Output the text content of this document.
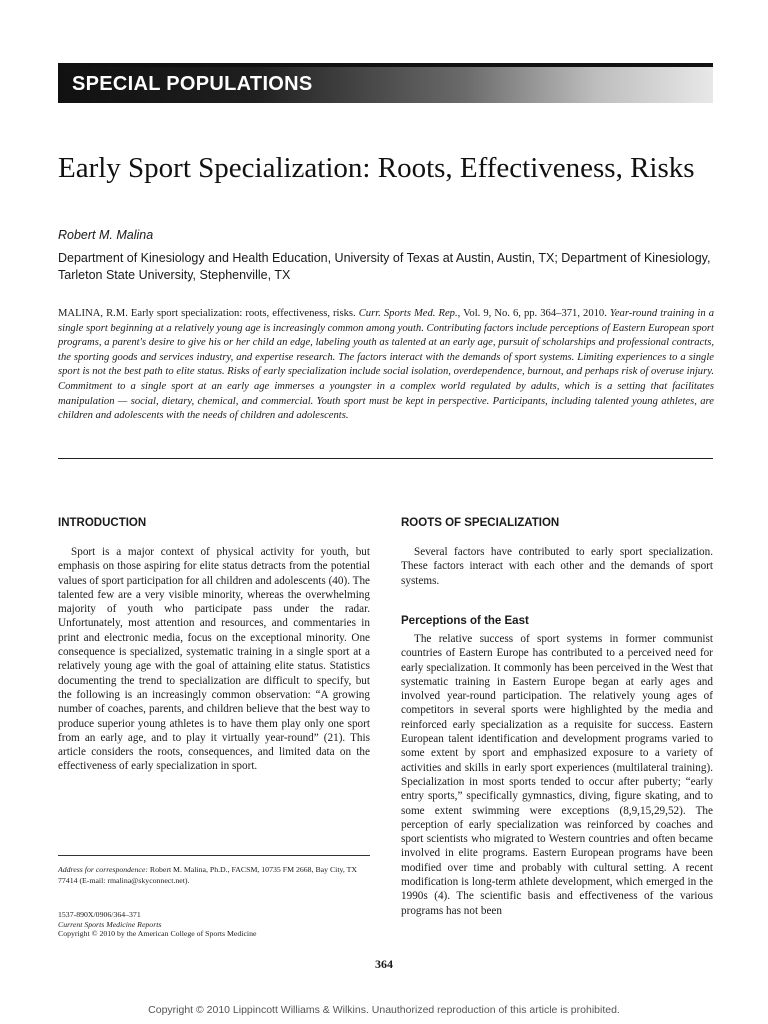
SPECIAL POPULATIONS
Early Sport Specialization: Roots, Effectiveness, Risks
Robert M. Malina
Department of Kinesiology and Health Education, University of Texas at Austin, Austin, TX; Department of Kinesiology, Tarleton State University, Stephenville, TX
MALINA, R.M. Early sport specialization: roots, effectiveness, risks. Curr. Sports Med. Rep., Vol. 9, No. 6, pp. 364–371, 2010. Year-round training in a single sport beginning at a relatively young age is increasingly common among youth. Contributing factors include perceptions of Eastern European sport programs, a parent's desire to give his or her child an edge, labeling youth as talented at an early age, pursuit of scholarships and professional contracts, the sporting goods and services industry, and expertise research. The factors interact with the demands of sport systems. Limiting experiences to a single sport is not the best path to elite status. Risks of early specialization include social isolation, overdependence, burnout, and perhaps risk of overuse injury. Commitment to a single sport at an early age immerses a youngster in a complex world regulated by adults, which is a setting that facilitates manipulation — social, dietary, chemical, and commercial. Youth sport must be kept in perspective. Participants, including talented young athletes, are children and adolescents with the needs of children and adolescents.
INTRODUCTION

Sport is a major context of physical activity for youth, but emphasis on those aspiring for elite status detracts from the potential values of sport participation for all children and adolescents (40). The talented few are a very visible minority, whereas the overwhelming majority of youth who participate pass under the radar. Unfortunately, most attention and resources, and commentaries in print and electronic media, focus on the exceptional minority. One consequence is specialized, systematic training in a single sport at a relatively young age with the goal of attaining elite status. Statistics documenting the trend to specialization are difficult to specify, but the following is an increasingly common observation: “A growing number of coaches, parents, and children believe that the best way to produce superior young athletes is to have them play only one sport from an early age, and to play it virtually year-round” (21). This article considers the roots, consequences, and limited data on the effectiveness of early specialization in sport.

ROOTS OF SPECIALIZATION

Several factors have contributed to early sport specialization. These factors interact with each other and the demands of sport systems.

Perceptions of the East

The relative success of sport systems in former communist countries of Eastern Europe has contributed to a perceived need for early specialization. It commonly has been perceived in the West that systematic training in Eastern Europe began at early ages and involved year-round participation. The relatively young ages of competitors in several sports were highlighted by the media and reinforced early specialization as a requisite for success. Eastern European talent identification and development programs varied to some extent by sport and emphasized exposure to a variety of activities and skills in early sport experiences (multilateral training). Specialization in most sports tended to occur after puberty; “early entry sports,” specifically gymnastics, diving, figure skating, and to some extent swimming were exceptions (8,9,15,29,52). The perception of early specialization was reinforced by coaches and sport scientists who migrated to Western countries and often became involved in elite programs. Eastern European programs have been modified over time and probably with cultural setting. A recent modification is long-term athlete development, which emerged in the 1990s (4). The scientific basis and effectiveness of the various programs has not been

Address for correspondence: Robert M. Malina, Ph.D., FACSM, 10735 FM 2668, Bay City, TX 77414 (E-mail: rmalina@skyconnect.net).
1537-890X/0906/364–371
Current Sports Medicine Reports
Copyright © 2010 by the American College of Sports Medicine
364
Copyright © 2010 Lippincott Williams & Wilkins. Unauthorized reproduction of this article is prohibited.
